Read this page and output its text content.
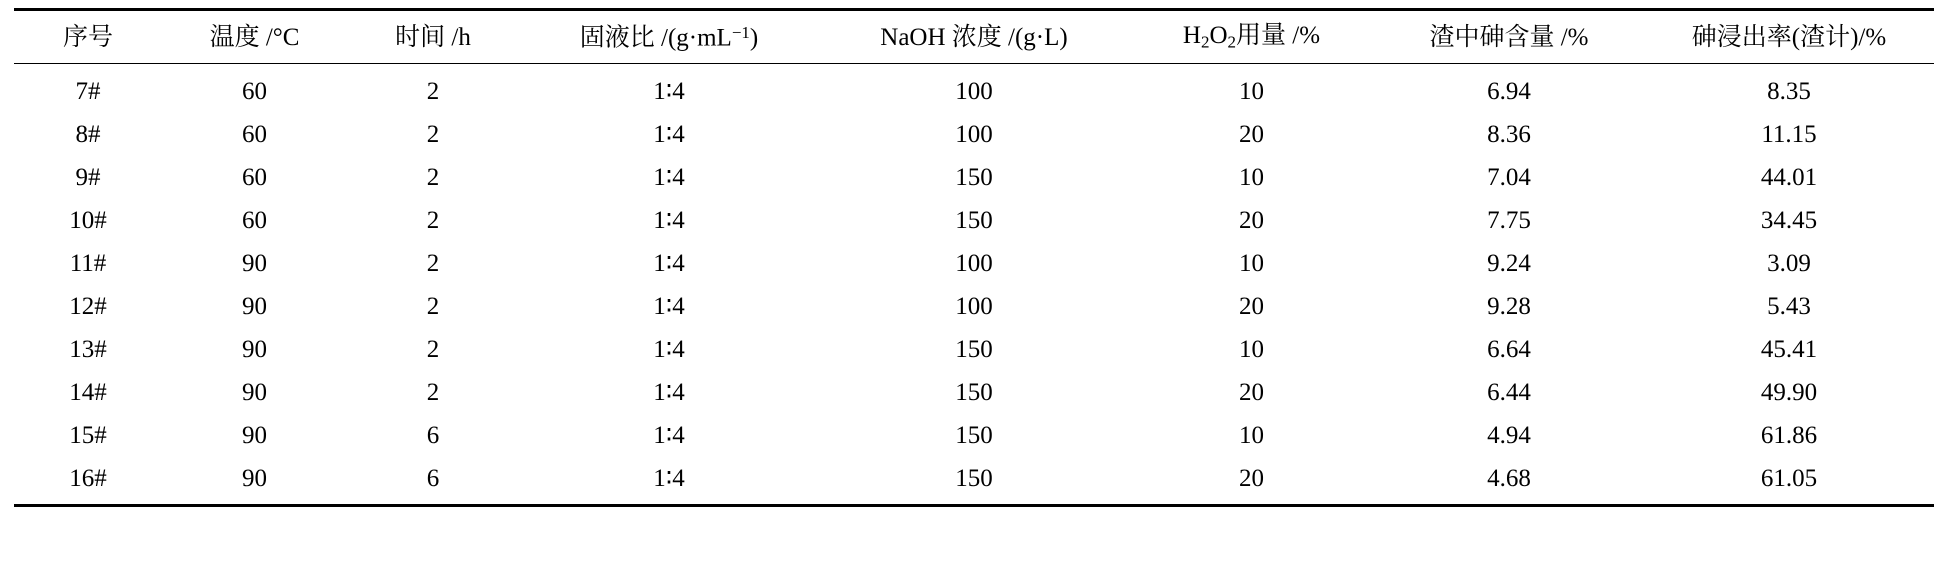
序号	温度 /°C	时间 /h	固液比 $/(g\cdot mL^{-1})$	NaOH 浓度 /(g·L)	$H_2O_2$用量 /%	渣中砷含量 /%	砷浸出率(渣计)/%
7#	60	2	1∶4	100	10	6.94	8.35
8#	60	2	1∶4	100	20	8.36	11.15
9#	60	2	1∶4	150	10	7.04	44.01
10#	60	2	1∶4	150	20	7.75	34.45
11#	90	2	1∶4	100	10	9.24	3.09
12#	90	2	1∶4	100	20	9.28	5.43
13#	90	2	1∶4	150	10	6.64	45.41
14#	90	2	1∶4	150	20	6.44	49.90
15#	90	6	1∶4	150	10	4.94	61.86
16#	90	6	1∶4	150	20	4.68	61.05
